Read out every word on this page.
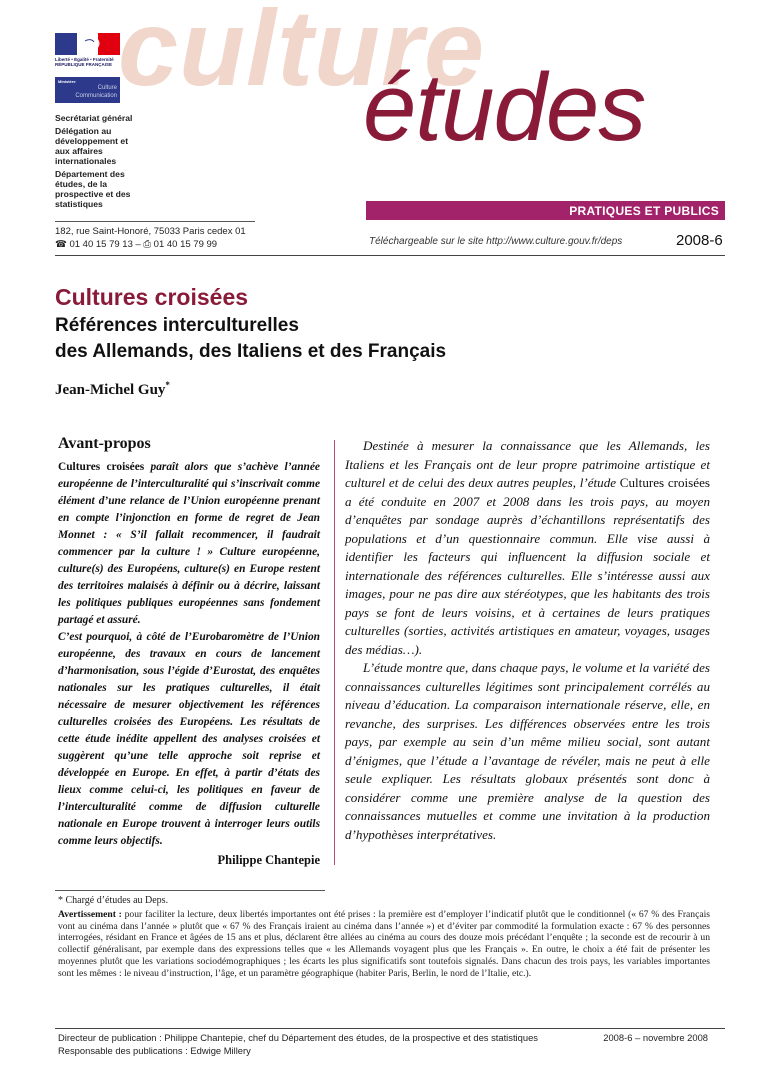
Liberté • Égalité • Fraternité
RÉPUBLIQUE FRANÇAISE
Ministère
Culture
Communication culture
études

Secrétariat général

Délégation au développement et aux affaires internationales

Département des études, de la prospective et des statistiques	PRATIQUES ET PUBLICS
182, rue Saint-Honoré, 75033 Paris cedex 01
☎ 01 40 15 79 13 – ⎙ 01 40 15 79 99	Téléchargeable sur le site http://www.culture.gouv.fr/deps	2008-6
Cultures croisées
Références interculturelles
des Allemands, des Italiens et des Français
Jean-Michel Guy*
Avant-propos

Cultures croisées paraît alors que s’achève l’année européenne de l’interculturalité qui s’inscrivait comme élément d’une relance de l’Union européenne prenant en compte l’injonction en forme de regret de Jean Monnet : « S’il fallait recommencer, il faudrait commencer par la culture ! » Culture européenne, culture(s) des Européens, culture(s) en Europe restent des territoires malaisés à définir ou à décrire, laissant les politiques publiques européennes sans fondement partagé et assuré.

C’est pourquoi, à côté de l’Eurobaromètre de l’Union européenne, des travaux en cours de lancement d’harmonisation, sous l’égide d’Eurostat, des enquêtes nationales sur les pratiques culturelles, il était nécessaire de mesurer objectivement les références culturelles croisées des Européens. Les résultats de cette étude inédite appellent des analyses croisées et suggèrent qu’une telle approche soit reprise et développée en Europe. En effet, à partir d’états des lieux comme celui-ci, les politiques en faveur de l’interculturalité comme de diffusion culturelle nationale en Europe trouvent à interroger leurs outils comme leurs objectifs.

Philippe Chantepie

Destinée à mesurer la connaissance que les Allemands, les Italiens et les Français ont de leur propre patrimoine artistique et culturel et de celui des deux autres peuples, l’étude Cultures croisées a été conduite en 2007 et 2008 dans les trois pays, au moyen d’enquêtes par sondage auprès d’échantillons représentatifs des populations et d’un questionnaire commun. Elle vise aussi à identifier les facteurs qui influencent la diffusion sociale et internationale des références culturelles. Elle s’intéresse aussi aux images, pour ne pas dire aux stéréotypes, que les habitants des trois pays se font de leurs voisins, et à certaines de leurs pratiques culturelles (sorties, activités artistiques en amateur, voyages, usages des médias…).

L’étude montre que, dans chaque pays, le volume et la variété des connaissances culturelles légitimes sont principalement corrélés au niveau d’éducation. La comparaison internationale réserve, elle, en revanche, des surprises. Les différences observées entre les trois pays, par exemple au sein d’un même milieu social, sont autant d’énigmes, que l’étude a l’avantage de révéler, mais ne peut à elle seule expliquer. Les résultats globaux présentés sont donc à considérer comme une première analyse de la question des connaissances mutuelles et comme une invitation à la production d’hypothèses interprétatives.

* Chargé d’études au Deps.
Avertissement : pour faciliter la lecture, deux libertés importantes ont été prises : la première est d’employer l’indicatif plutôt que le conditionnel (« 67 % des Français vont au cinéma dans l’année » plutôt que « 67 % des Français iraient au cinéma dans l’année ») et d’éviter par commodité la formulation exacte : 67 % des personnes interrogées, résidant en France et âgées de 15 ans et plus, déclarent être allées au cinéma au cours des douze mois précédant l’enquête ; la seconde est de recourir à un collectif généralisant, par exemple dans des expressions telles que « les Allemands voyagent plus que les Français ». En outre, le choix a été fait de présenter les moyennes plutôt que les variations sociodémographiques ; les écarts les plus significatifs sont toutefois signalés. Dans chacun des trois pays, les variables importantes sont les mêmes : le niveau d’instruction, l’âge, et un paramètre géographique (habiter Paris, Berlin, le nord de l’Italie, etc.).
Directeur de publication : Philippe Chantepie, chef du Département des études, de la prospective et des statistiques
Responsable des publications : Edwige Millery
2008-6 – novembre 2008
